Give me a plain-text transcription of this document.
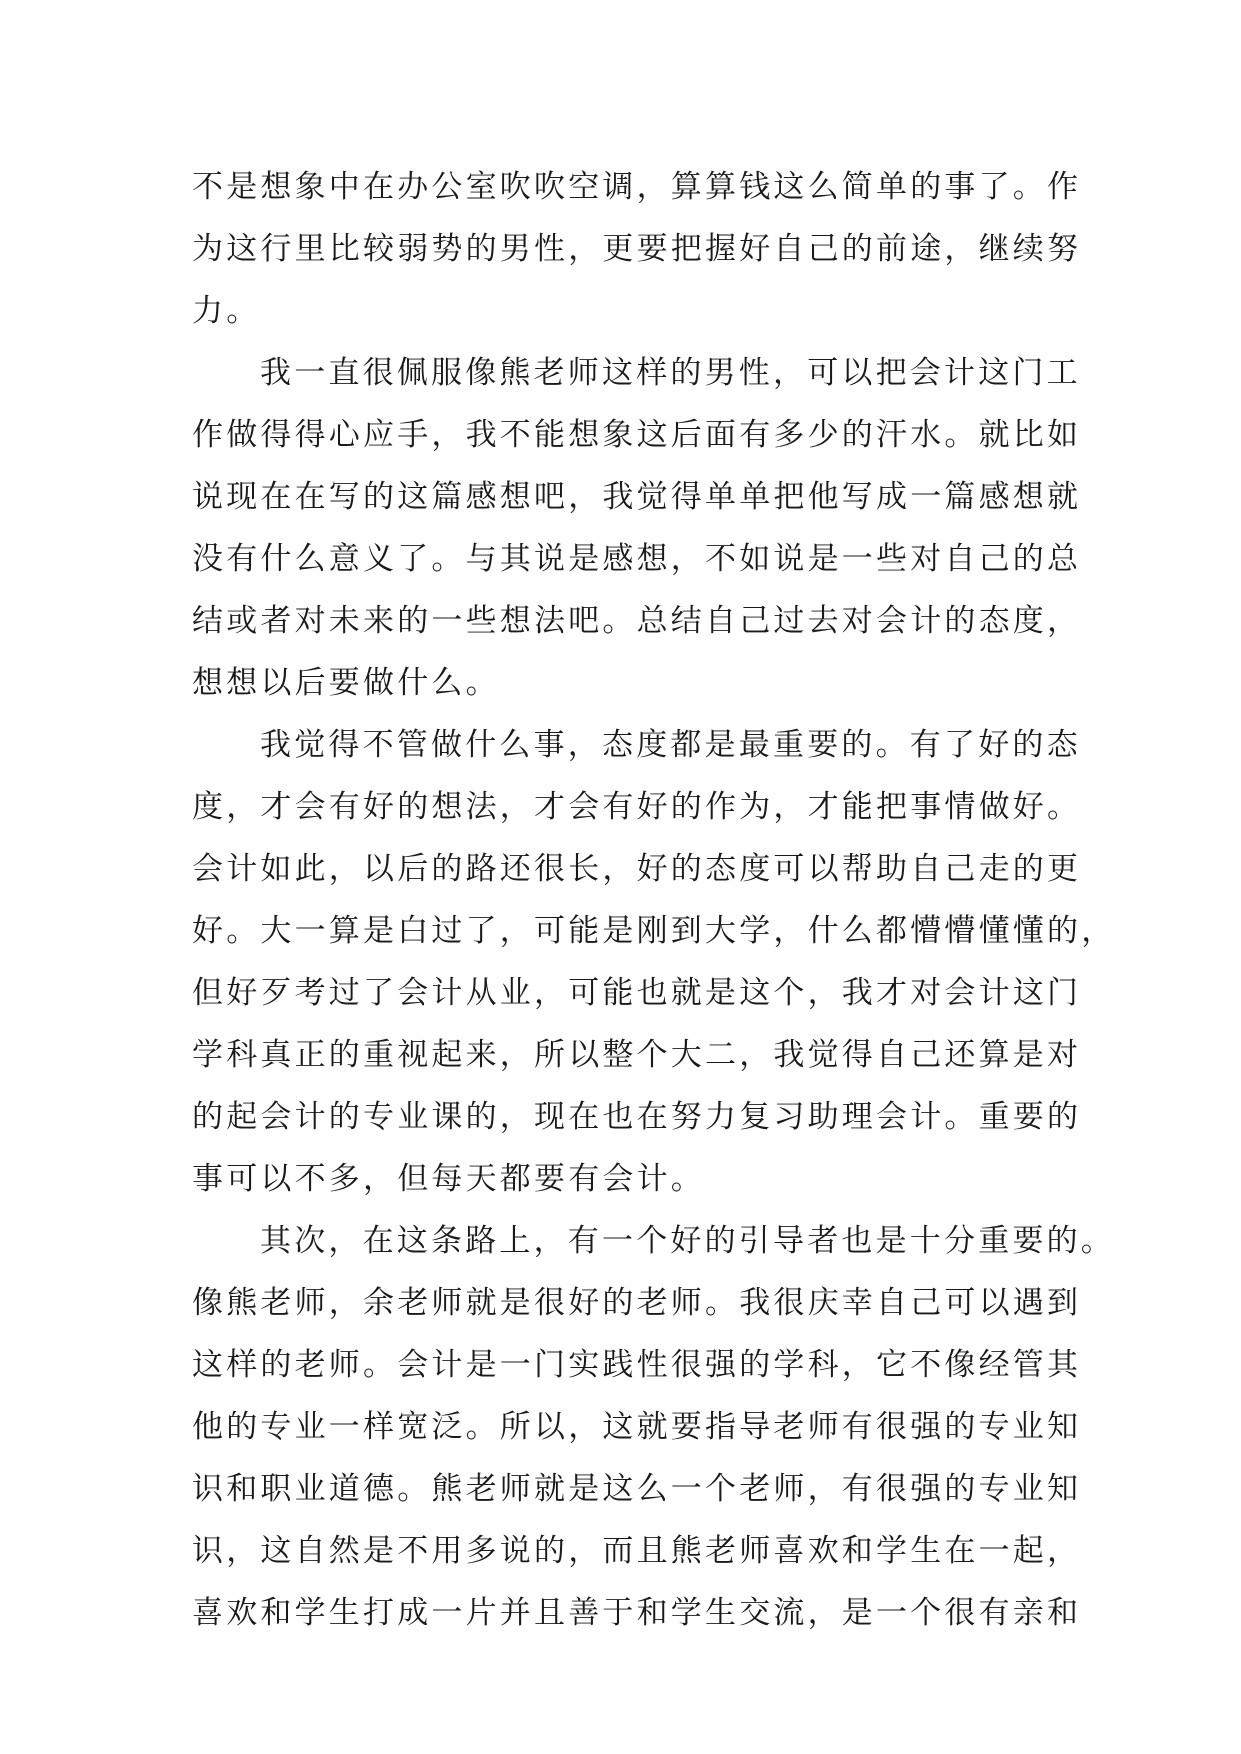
不是想象中在办公室吹吹空调，算算钱这么简单的事了。作
为这行里比较弱势的男性，更要把握好自己的前途，继续努
力。
我一直很佩服像熊老师这样的男性，可以把会计这门工
作做得得心应手，我不能想象这后面有多少的汗水。就比如
说现在在写的这篇感想吧，我觉得单单把他写成一篇感想就
没有什么意义了。与其说是感想，不如说是一些对自己的总
结或者对未来的一些想法吧。总结自己过去对会计的态度，
想想以后要做什么。
我觉得不管做什么事，态度都是最重要的。有了好的态
度，才会有好的想法，才会有好的作为，才能把事情做好。
会计如此，以后的路还很长，好的态度可以帮助自己走的更
好。大一算是白过了，可能是刚到大学，什么都懵懵懂懂的，
但好歹考过了会计从业，可能也就是这个，我才对会计这门
学科真正的重视起来，所以整个大二，我觉得自己还算是对
的起会计的专业课的，现在也在努力复习助理会计。重要的
事可以不多，但每天都要有会计。
其次，在这条路上，有一个好的引导者也是十分重要的。
像熊老师，余老师就是很好的老师。我很庆幸自己可以遇到
这样的老师。会计是一门实践性很强的学科，它不像经管其
他的专业一样宽泛。所以，这就要指导老师有很强的专业知
识和职业道德。熊老师就是这么一个老师，有很强的专业知
识，这自然是不用多说的，而且熊老师喜欢和学生在一起，
喜欢和学生打成一片并且善于和学生交流，是一个很有亲和
